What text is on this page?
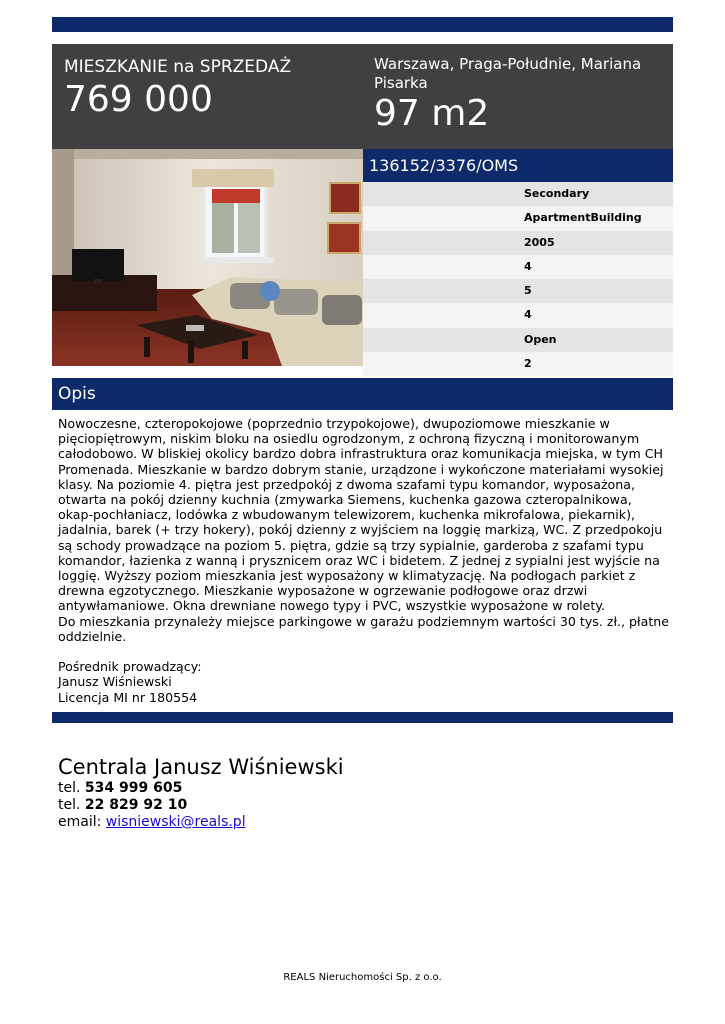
MIESZKANIE na SPRZEDAŻ
769 000
Warszawa, Praga-Południe, Mariana Pisarka
97 m2
136152/3376/OMS
Secondary
ApartmentBuilding
2005
4
5
4
Open
2
Opis

Nowoczesne, czteropokojowe (poprzednio trzypokojowe), dwupoziomowe mieszkanie w pięciopiętrowym, niskim bloku na osiedlu ogrodzonym, z ochroną fizyczną i monitorowanym całodobowo. W bliskiej okolicy bardzo dobra infrastruktura oraz komunikacja miejska, w tym CH Promenada. Mieszkanie w bardzo dobrym stanie, urządzone i wykończone materiałami wysokiej klasy. Na poziomie 4. piętra jest przedpokój z dwoma szafami typu komandor, wyposażona, otwarta na pokój dzienny kuchnia (zmywarka Siemens, kuchenka gazowa czteropalnikowa, okap-pochłaniacz, lodówka z wbudowanym telewizorem, kuchenka mikrofalowa, piekarnik), jadalnia, barek (+ trzy hokery), pokój dzienny z wyjściem na loggię markizą, WC. Z przedpokoju są schody prowadzące na poziom 5. piętra, gdzie są trzy sypialnie, garderoba z szafami typu komandor, łazienka z wanną i prysznicem oraz WC i bidetem. Z jednej z sypialni jest wyjście na loggię. Wyższy poziom mieszkania jest wyposażony w klimatyzację. Na podłogach parkiet z drewna egzotycznego. Mieszkanie wyposażone w ogrzewanie podłogowe oraz drzwi antywłamaniowe. Okna drewniane nowego typy i PVC, wszystkie wyposażone w rolety.

Do mieszkania przynależy miejsce parkingowe w garażu podziemnym wartości 30 tys. zł., płatne oddzielnie.

Pośrednik prowadzący:

Janusz Wiśniewski

Licencja MI nr 180554

Centrala Janusz Wiśniewski
tel. 534 999 605
tel. 22 829 92 10
email: wisniewski@reals.pl
REALS Nieruchomości Sp. z o.o.
